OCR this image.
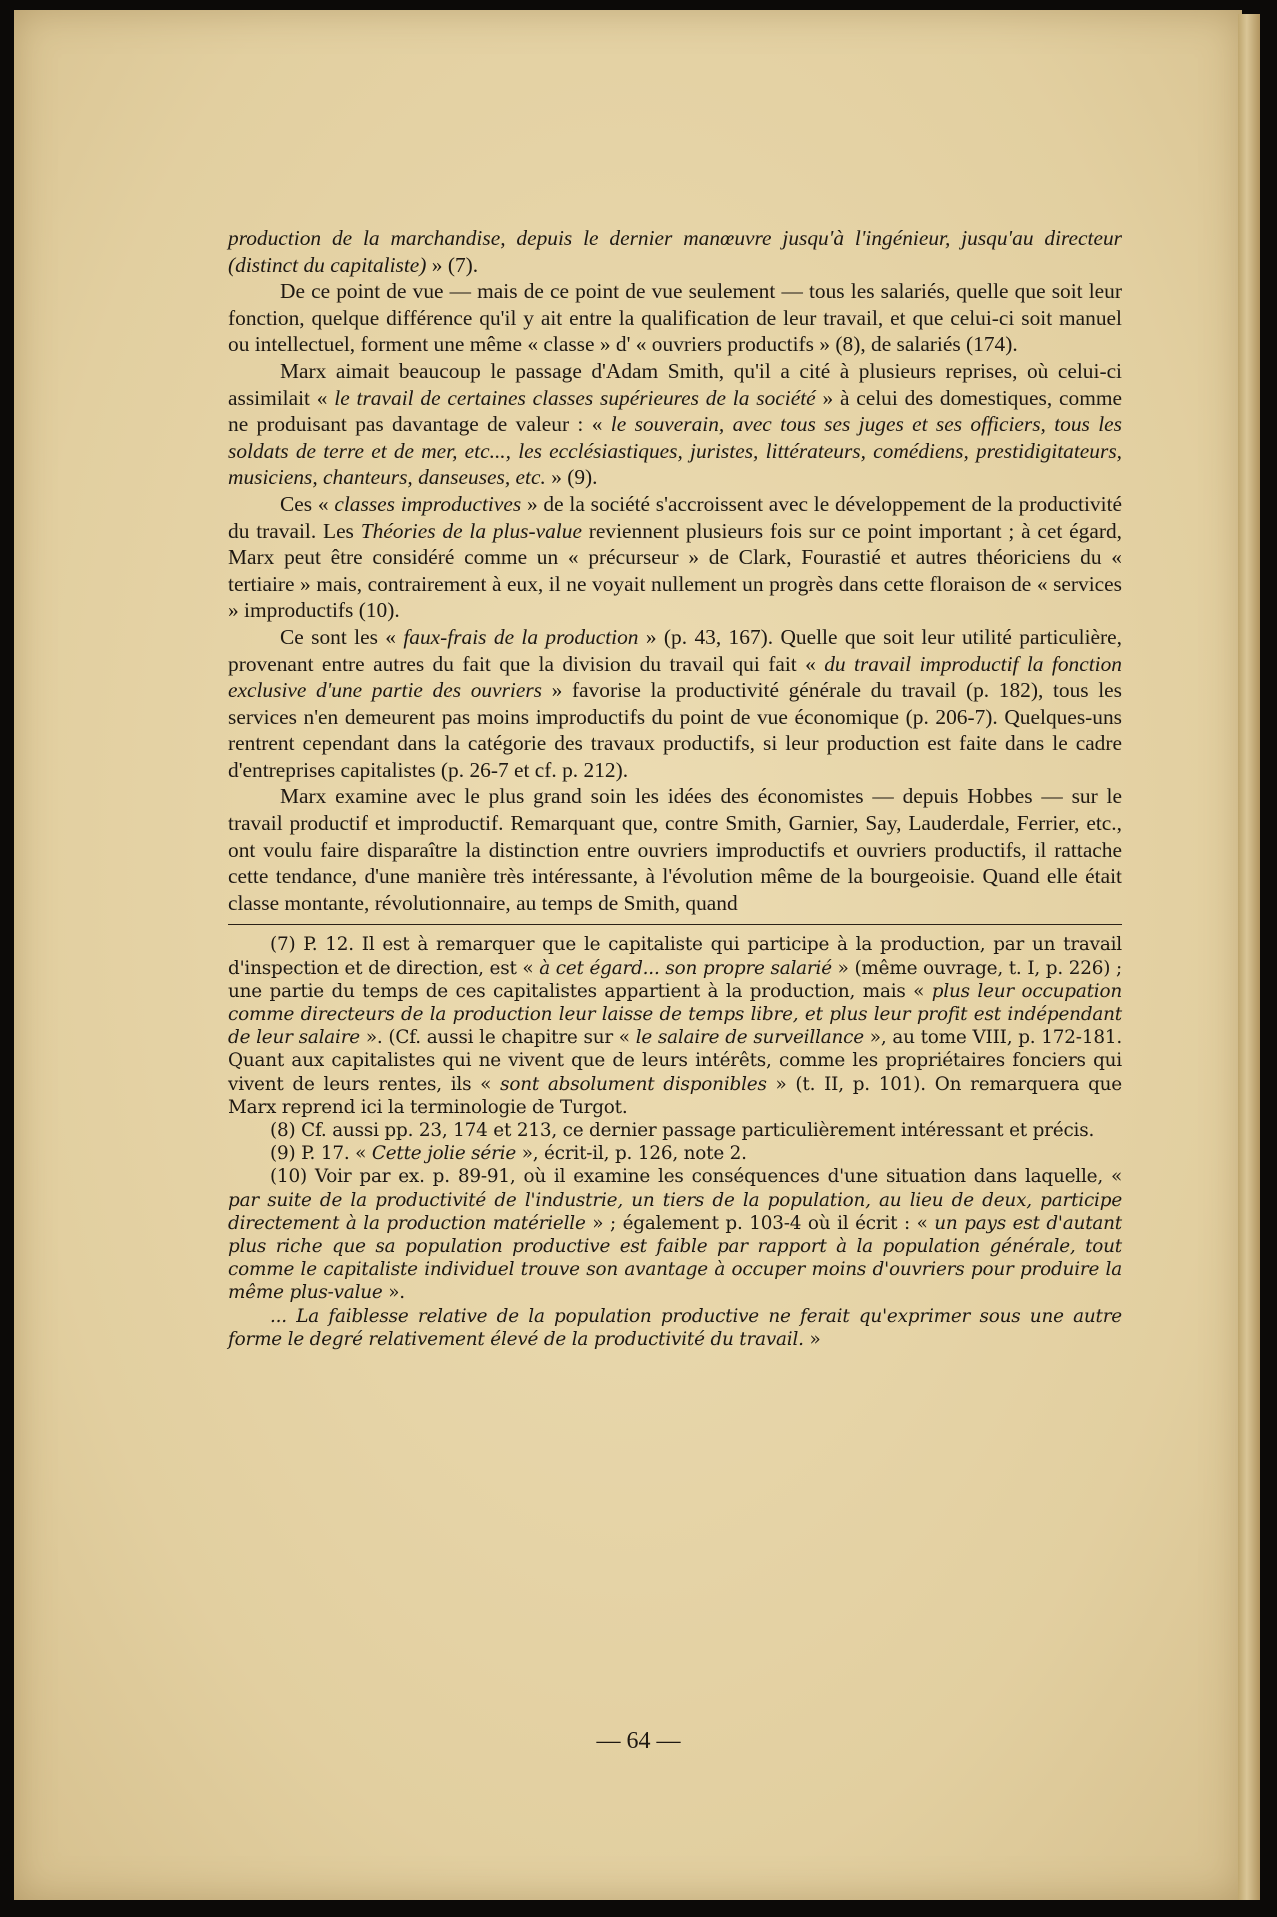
production de la marchandise, depuis le dernier manœuvre jusqu'à l'ingénieur, jusqu'au directeur (distinct du capitaliste) » (7).

De ce point de vue — mais de ce point de vue seulement — tous les salariés, quelle que soit leur fonction, quelque différence qu'il y ait entre la qualification de leur travail, et que celui-ci soit manuel ou intellectuel, forment une même « classe » d' « ouvriers productifs » (8), de salariés (174).

Marx aimait beaucoup le passage d'Adam Smith, qu'il a cité à plusieurs reprises, où celui-ci assimilait « le travail de certaines classes supérieures de la société » à celui des domestiques, comme ne produisant pas davantage de valeur : « le souverain, avec tous ses juges et ses officiers, tous les soldats de terre et de mer, etc..., les ecclésiastiques, juristes, littérateurs, comédiens, prestidigitateurs, musiciens, chanteurs, danseuses, etc. » (9).

Ces « classes improductives » de la société s'accroissent avec le développement de la productivité du travail. Les Théories de la plus-value reviennent plusieurs fois sur ce point important ; à cet égard, Marx peut être considéré comme un « précurseur » de Clark, Fourastié et autres théoriciens du « tertiaire » mais, contrairement à eux, il ne voyait nullement un progrès dans cette floraison de « services » improductifs (10).

Ce sont les « faux-frais de la production » (p. 43, 167). Quelle que soit leur utilité particulière, provenant entre autres du fait que la division du travail qui fait « du travail improductif la fonction exclusive d'une partie des ouvriers » favorise la productivité générale du travail (p. 182), tous les services n'en demeurent pas moins improductifs du point de vue économique (p. 206-7). Quelques-uns rentrent cependant dans la catégorie des travaux productifs, si leur production est faite dans le cadre d'entreprises capitalistes (p. 26-7 et cf. p. 212).

Marx examine avec le plus grand soin les idées des économistes — depuis Hobbes — sur le travail productif et improductif. Remarquant que, contre Smith, Garnier, Say, Lauderdale, Ferrier, etc., ont voulu faire disparaître la distinction entre ouvriers improductifs et ouvriers productifs, il rattache cette tendance, d'une manière très intéressante, à l'évolution même de la bourgeoisie. Quand elle était classe montante, révolutionnaire, au temps de Smith, quand

(7) P. 12. Il est à remarquer que le capitaliste qui participe à la production, par un travail d'inspection et de direction, est « à cet égard... son propre salarié » (même ouvrage, t. I, p. 226) ; une partie du temps de ces capitalistes appartient à la production, mais « plus leur occupation comme directeurs de la production leur laisse de temps libre, et plus leur profit est indépendant de leur salaire ». (Cf. aussi le chapitre sur « le salaire de surveillance », au tome VIII, p. 172-181. Quant aux capitalistes qui ne vivent que de leurs intérêts, comme les propriétaires fonciers qui vivent de leurs rentes, ils « sont absolument disponibles » (t. II, p. 101). On remarquera que Marx reprend ici la terminologie de Turgot.

(8) Cf. aussi pp. 23, 174 et 213, ce dernier passage particulièrement intéressant et précis.

(9) P. 17. « Cette jolie série », écrit-il, p. 126, note 2.

(10) Voir par ex. p. 89-91, où il examine les conséquences d'une situation dans laquelle, « par suite de la productivité de l'industrie, un tiers de la population, au lieu de deux, participe directement à la production matérielle » ; également p. 103-4 où il écrit : « un pays est d'autant plus riche que sa population productive est faible par rapport à la population générale, tout comme le capitaliste individuel trouve son avantage à occuper moins d'ouvriers pour produire la même plus-value ».

... La faiblesse relative de la population productive ne ferait qu'exprimer sous une autre forme le degré relativement élevé de la productivité du travail. »

— 64 —
